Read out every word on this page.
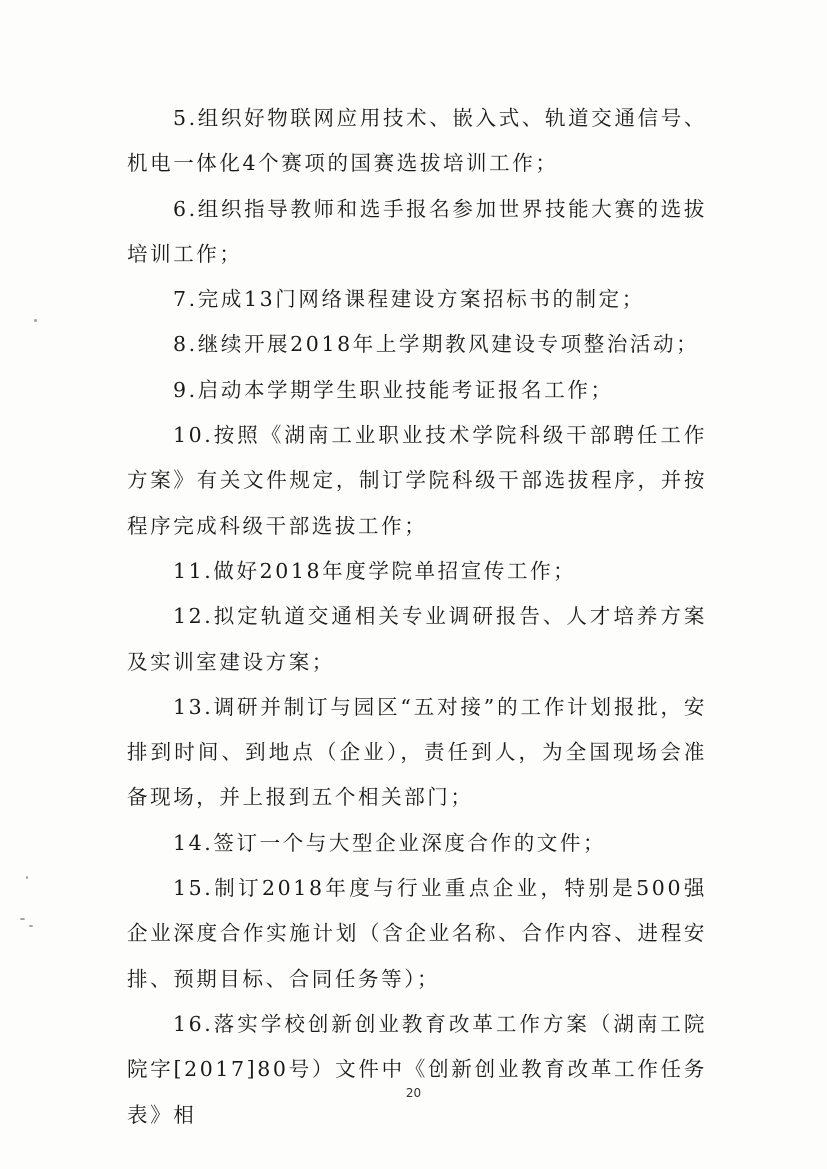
5.组织好物联网应用技术、嵌入式、轨道交通信号、机电一体化4个赛项的国赛选拔培训工作；

6.组织指导教师和选手报名参加世界技能大赛的选拔培训工作；

7.完成13门网络课程建设方案招标书的制定；

8.继续开展2018年上学期教风建设专项整治活动；

9.启动本学期学生职业技能考证报名工作；

10.按照《湖南工业职业技术学院科级干部聘任工作方案》有关文件规定，制订学院科级干部选拔程序，并按程序完成科级干部选拔工作；

11.做好2018年度学院单招宣传工作；

12.拟定轨道交通相关专业调研报告、人才培养方案及实训室建设方案；

13.调研并制订与园区“五对接”的工作计划报批，安排到时间、到地点（企业），责任到人，为全国现场会准备现场，并上报到五个相关部门；

14.签订一个与大型企业深度合作的文件；

15.制订2018年度与行业重点企业，特别是500强企业深度合作实施计划（含企业名称、合作内容、进程安排、预期目标、合同任务等）；

16.落实学校创新创业教育改革工作方案（湖南工院院字[2017]80号）文件中《创新创业教育改革工作任务表》相

20
